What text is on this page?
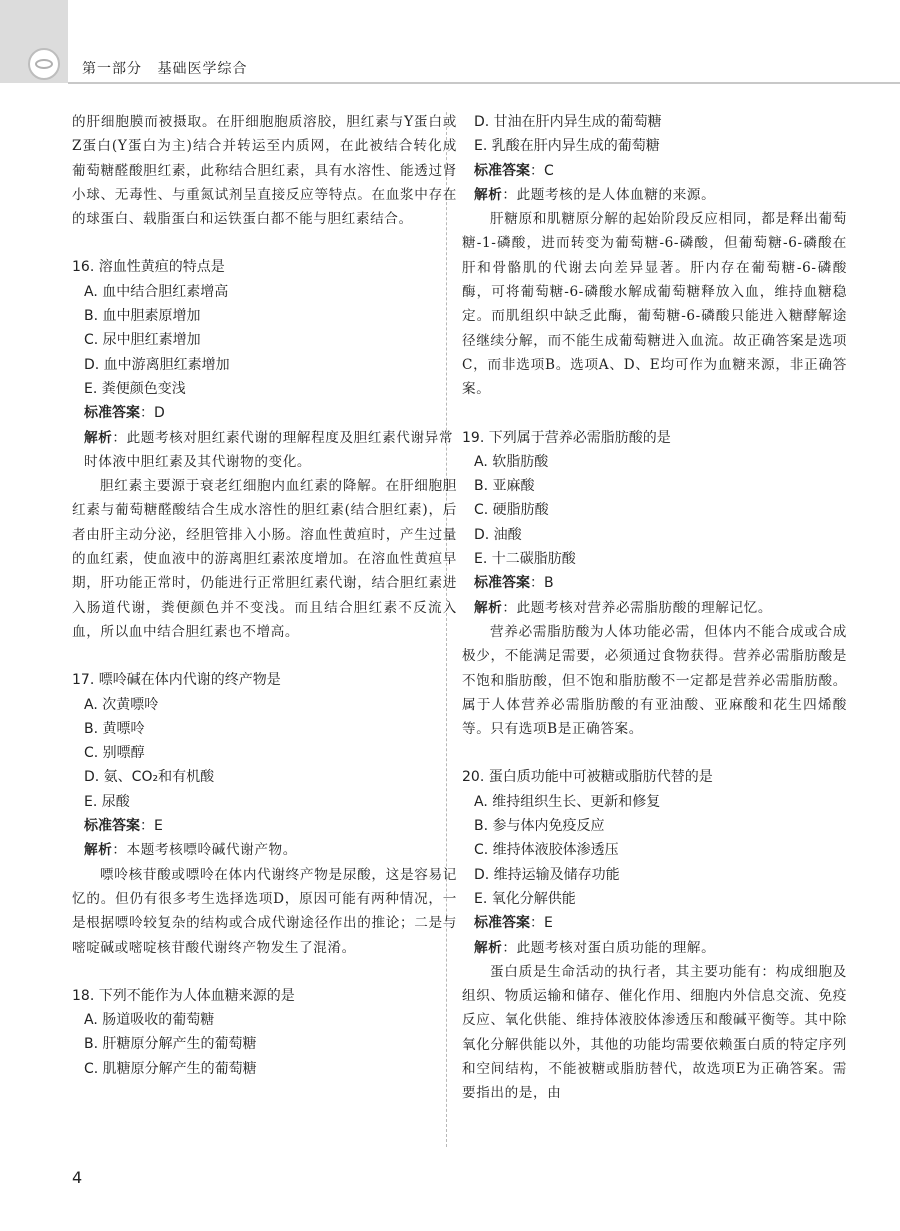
第一部分 基础医学综合

的肝细胞膜而被摄取。在肝细胞胞质溶胶，胆红素与Y蛋白或Z蛋白(Y蛋白为主)结合并转运至内质网，在此被结合转化成葡萄糖醛酸胆红素，此称结合胆红素，具有水溶性、能透过肾小球、无毒性、与重氮试剂呈直接反应等特点。在血浆中存在的球蛋白、载脂蛋白和运铁蛋白都不能与胆红素结合。

16. 溶血性黄疸的特点是

A. 血中结合胆红素增高

B. 血中胆素原增加

C. 尿中胆红素增加

D. 血中游离胆红素增加

E. 粪便颜色变浅

标准答案：D

解析：此题考核对胆红素代谢的理解程度及胆红素代谢异常时体液中胆红素及其代谢物的变化。

胆红素主要源于衰老红细胞内血红素的降解。在肝细胞胆红素与葡萄糖醛酸结合生成水溶性的胆红素(结合胆红素)，后者由肝主动分泌，经胆管排入小肠。溶血性黄疸时，产生过量的血红素，使血液中的游离胆红素浓度增加。在溶血性黄疸早期，肝功能正常时，仍能进行正常胆红素代谢，结合胆红素进入肠道代谢，粪便颜色并不变浅。而且结合胆红素不反流入血，所以血中结合胆红素也不增高。

17. 嘌呤碱在体内代谢的终产物是

A. 次黄嘌呤

B. 黄嘌呤

C. 别嘌醇

D. 氨、CO₂和有机酸

E. 尿酸

标准答案：E

解析：本题考核嘌呤碱代谢产物。

嘌呤核苷酸或嘌呤在体内代谢终产物是尿酸，这是容易记忆的。但仍有很多考生选择选项D，原因可能有两种情况，一是根据嘌呤较复杂的结构或合成代谢途径作出的推论；二是与嘧啶碱或嘧啶核苷酸代谢终产物发生了混淆。

18. 下列不能作为人体血糖来源的是

A. 肠道吸收的葡萄糖

B. 肝糖原分解产生的葡萄糖

C. 肌糖原分解产生的葡萄糖

D. 甘油在肝内异生成的葡萄糖

E. 乳酸在肝内异生成的葡萄糖

标准答案：C

解析：此题考核的是人体血糖的来源。

肝糖原和肌糖原分解的起始阶段反应相同，都是释出葡萄糖-1-磷酸，进而转变为葡萄糖-6-磷酸，但葡萄糖-6-磷酸在肝和骨骼肌的代谢去向差异显著。肝内存在葡萄糖-6-磷酸酶，可将葡萄糖-6-磷酸水解成葡萄糖释放入血，维持血糖稳定。而肌组织中缺乏此酶，葡萄糖-6-磷酸只能进入糖酵解途径继续分解，而不能生成葡萄糖进入血流。故正确答案是选项C，而非选项B。选项A、D、E均可作为血糖来源，非正确答案。

19. 下列属于营养必需脂肪酸的是

A. 软脂肪酸

B. 亚麻酸

C. 硬脂肪酸

D. 油酸

E. 十二碳脂肪酸

标准答案：B

解析：此题考核对营养必需脂肪酸的理解记忆。

营养必需脂肪酸为人体功能必需，但体内不能合成或合成极少，不能满足需要，必须通过食物获得。营养必需脂肪酸是不饱和脂肪酸，但不饱和脂肪酸不一定都是营养必需脂肪酸。属于人体营养必需脂肪酸的有亚油酸、亚麻酸和花生四烯酸等。只有选项B是正确答案。

20. 蛋白质功能中可被糖或脂肪代替的是

A. 维持组织生长、更新和修复

B. 参与体内免疫反应

C. 维持体液胶体渗透压

D. 维持运输及储存功能

E. 氧化分解供能

标准答案：E

解析：此题考核对蛋白质功能的理解。

蛋白质是生命活动的执行者，其主要功能有：构成细胞及组织、物质运输和储存、催化作用、细胞内外信息交流、免疫反应、氧化供能、维持体液胶体渗透压和酸碱平衡等。其中除氧化分解供能以外，其他的功能均需要依赖蛋白质的特定序列和空间结构，不能被糖或脂肪替代，故选项E为正确答案。需要指出的是，由

4
